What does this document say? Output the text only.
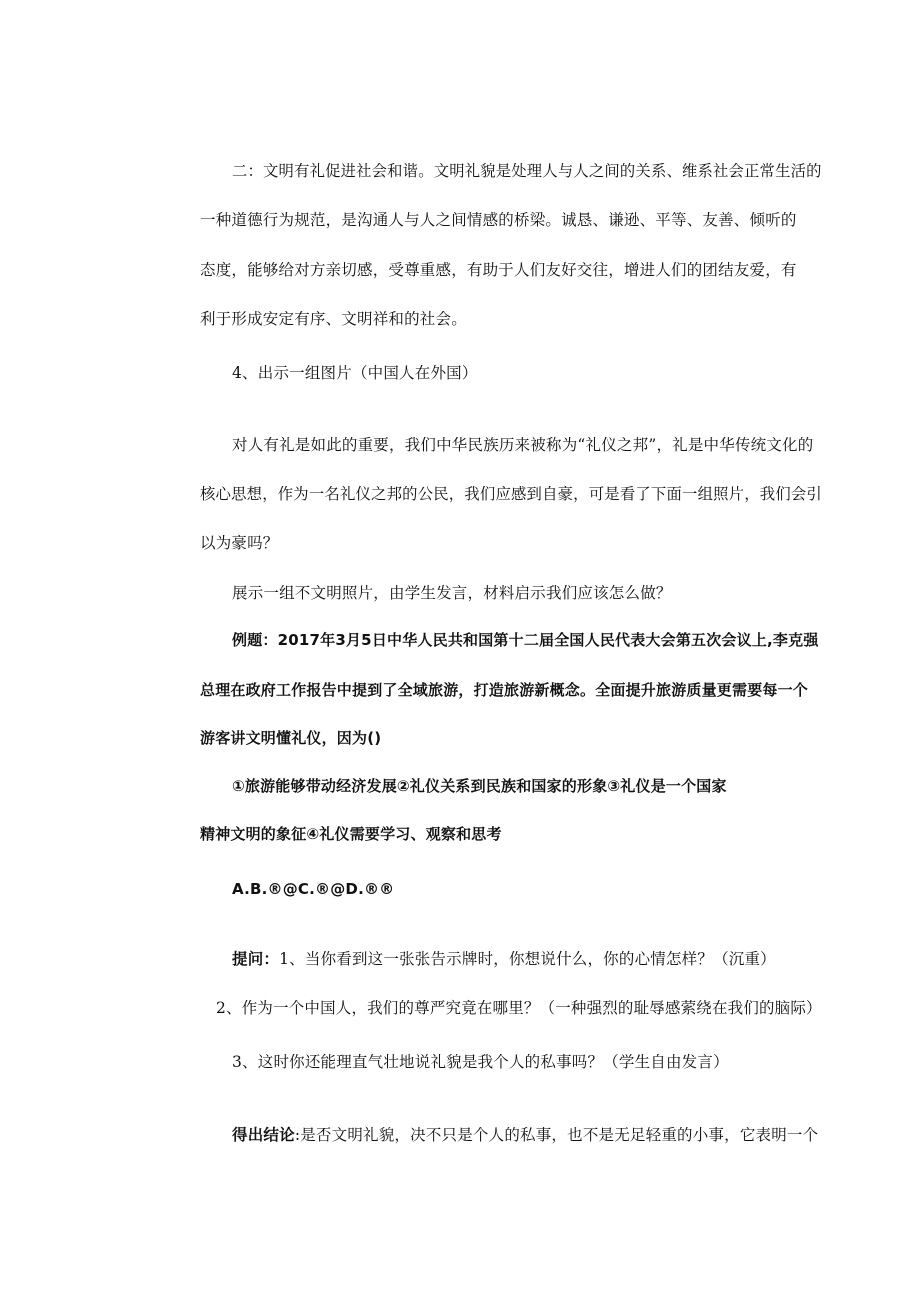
二：文明有礼促进社会和谐。文明礼貌是处理人与人之间的关系、维系社会正常生活的
一种道德行为规范，是沟通人与人之间情感的桥梁。诚恳、谦逊、平等、友善、倾听的
态度，能够给对方亲切感，受尊重感，有助于人们友好交往，增进人们的团结友爱，有
利于形成安定有序、文明祥和的社会。
4、出示一组图片（中国人在外国）
对人有礼是如此的重要，我们中华民族历来被称为“礼仪之邦”，礼是中华传统文化的
核心思想，作为一名礼仪之邦的公民，我们应感到自豪，可是看了下面一组照片，我们会引
以为豪吗？
展示一组不文明照片，由学生发言，材料启示我们应该怎么做？
例题：2017年3月5日中华人民共和国第十二届全国人民代表大会第五次会议上,李克强
总理在政府工作报告中提到了全域旅游，打造旅游新概念。全面提升旅游质量更需要每一个
游客讲文明懂礼仪，因为()
①旅游能够带动经济发展②礼仪关系到民族和国家的形象③礼仪是一个国家
精神文明的象征④礼仪需要学习、观察和思考
A.B.®@C.®@D.®®
提问：1、当你看到这一张张告示牌时，你想说什么，你的心情怎样？（沉重）
2、作为一个中国人，我们的尊严究竟在哪里？（一种强烈的耻辱感萦绕在我们的脑际）
3、这时你还能理直气壮地说礼貌是我个人的私事吗？（学生自由发言）
得出结论:是否文明礼貌，决不只是个人的私事，也不是无足轻重的小事，它表明一个
